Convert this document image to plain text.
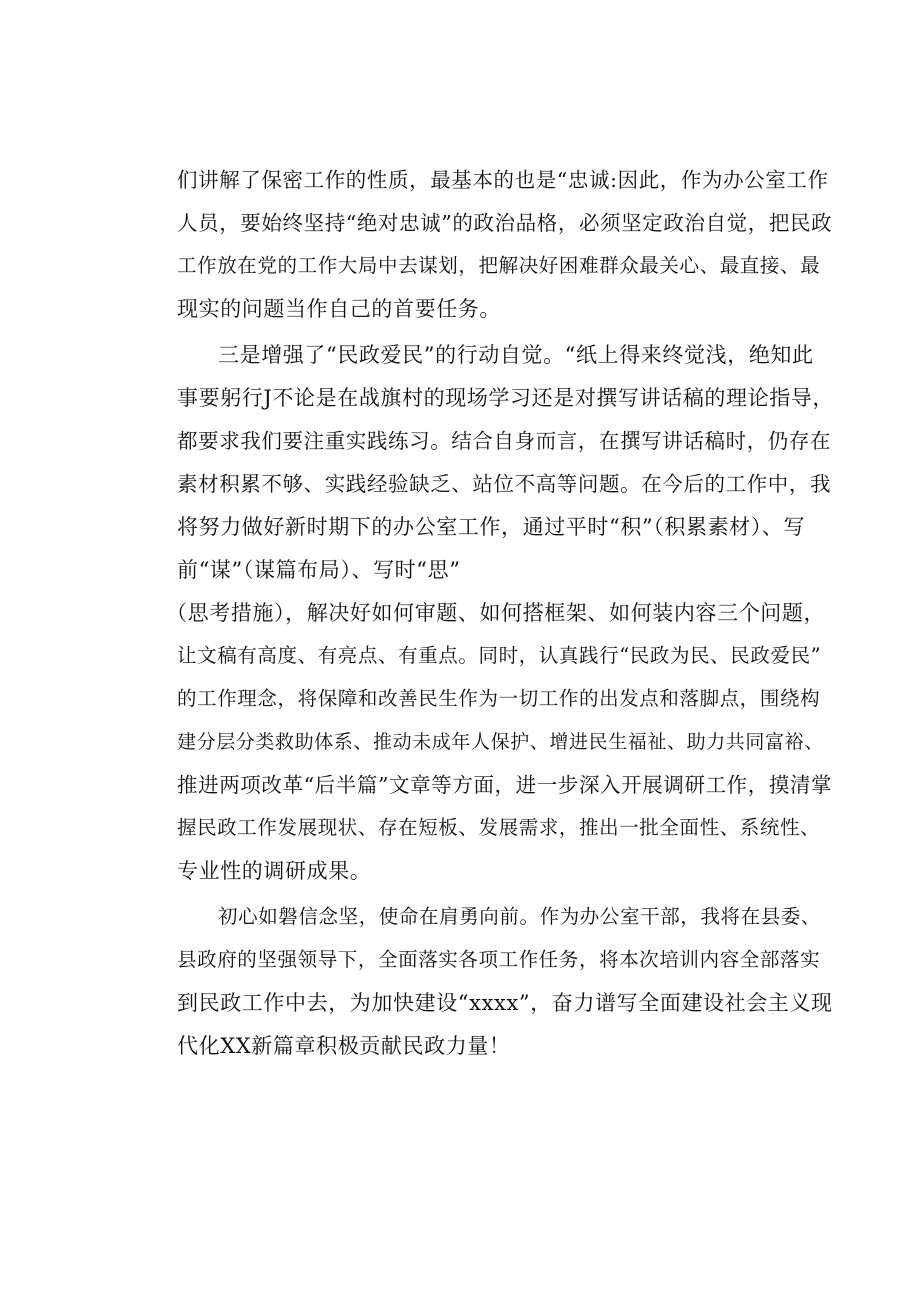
们讲解了保密工作的性质，最基本的也是“忠诚:因此，作为办公室工作
人员，要始终坚持“绝对忠诚”的政治品格，必须坚定政治自觉，把民政
工作放在党的工作大局中去谋划，把解决好困难群众最关心、最直接、最
现实的问题当作自己的首要任务。
三是增强了“民政爱民”的行动自觉。“纸上得来终觉浅，绝知此
事要躬行J不论是在战旗村的现场学习还是对撰写讲话稿的理论指导，
都要求我们要注重实践练习。结合自身而言，在撰写讲话稿时，仍存在
素材积累不够、实践经验缺乏、站位不高等问题。在今后的工作中，我
将努力做好新时期下的办公室工作，通过平时“积”（积累素材）、写
前“谋”（谋篇布局）、写时“思”
（思考措施），解决好如何审题、如何搭框架、如何装内容三个问题，
让文稿有高度、有亮点、有重点。同时，认真践行“民政为民、民政爱民”
的工作理念，将保障和改善民生作为一切工作的出发点和落脚点，围绕构
建分层分类救助体系、推动未成年人保护、增进民生福祉、助力共同富裕、
推进两项改革“后半篇”文章等方面，进一步深入开展调研工作，摸清掌
握民政工作发展现状、存在短板、发展需求，推出一批全面性、系统性、
专业性的调研成果。
初心如磐信念坚，使命在肩勇向前。作为办公室干部，我将在县委、
县政府的坚强领导下，全面落实各项工作任务，将本次培训内容全部落实
到民政工作中去，为加快建设“xxxx”，奋力谱写全面建设社会主义现
代化XX新篇章积极贡献民政力量！
